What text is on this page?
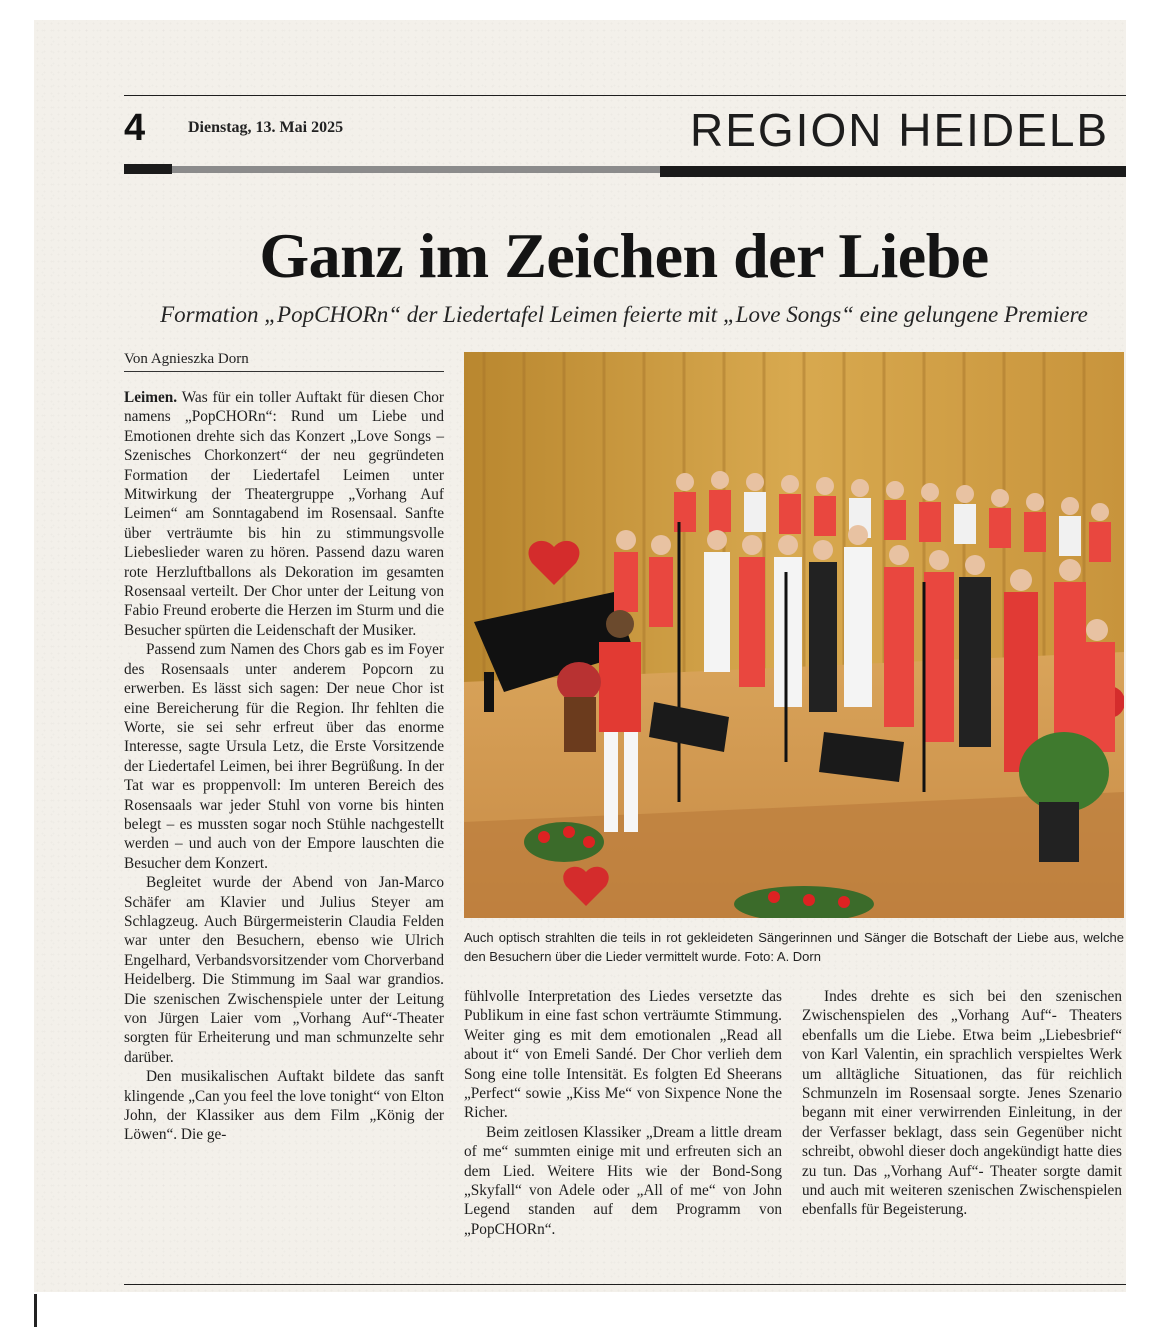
4	Dienstag, 13. Mai 2025	REGION HEIDELB
Ganz im Zeichen der Liebe
Formation „PopCHORn“ der Liedertafel Leimen feierte mit „Love Songs“ eine gelungene Premiere
Von Agnieszka Dorn

Leimen. Was für ein toller Auftakt für diesen Chor namens „PopCHORn“: Rund um Liebe und Emotionen drehte sich das Konzert „Love Songs – Szenisches Chorkonzert“ der neu gegründeten Formation der Liedertafel Leimen unter Mitwirkung der Theatergruppe „Vorhang Auf Leimen“ am Sonntagabend im Rosensaal. Sanfte über verträumte bis hin zu stimmungsvolle Liebeslieder waren zu hören. Passend dazu waren rote Herzluftballons als Dekoration im gesamten Rosensaal verteilt. Der Chor unter der Leitung von Fabio Freund eroberte die Herzen im Sturm und die Besucher spürten die Leidenschaft der Musiker.

Passend zum Namen des Chors gab es im Foyer des Rosensaals unter anderem Popcorn zu erwerben. Es lässt sich sagen: Der neue Chor ist eine Bereicherung für die Region. Ihr fehlten die Worte, sie sei sehr erfreut über das enorme Interesse, sagte Ursula Letz, die Erste Vorsitzende der Liedertafel Leimen, bei ihrer Begrüßung. In der Tat war es proppenvoll: Im unteren Bereich des Rosensaals war jeder Stuhl von vorne bis hinten belegt – es mussten sogar noch Stühle nachgestellt werden – und auch von der Empore lauschten die Besucher dem Konzert.

Begleitet wurde der Abend von Jan-Marco Schäfer am Klavier und Julius Steyer am Schlagzeug. Auch Bürgermeisterin Claudia Felden war unter den Besuchern, ebenso wie Ulrich Engelhard, Verbandsvorsitzender vom Chorverband Heidelberg. Die Stimmung im Saal war grandios. Die szenischen Zwischenspiele unter der Leitung von Jürgen Laier vom „Vorhang Auf“-Theater sorgten für Erheiterung und man schmunzelte sehr darüber.

Den musikalischen Auftakt bildete das sanft klingende „Can you feel the love tonight“ von Elton John, der Klassiker aus dem Film „König der Löwen“. Die ge-

Auch optisch strahlten die teils in rot gekleideten Sängerinnen und Sänger die Botschaft der Liebe aus, welche den Besuchern über die Lieder vermittelt wurde. Foto: A. Dorn

fühlvolle Interpretation des Liedes versetzte das Publikum in eine fast schon verträumte Stimmung. Weiter ging es mit dem emotionalen „Read all about it“ von Emeli Sandé. Der Chor verlieh dem Song eine tolle Intensität. Es folgten Ed Sheerans „Perfect“ sowie „Kiss Me“ von Sixpence None the Richer.

Beim zeitlosen Klassiker „Dream a little dream of me“ summten einige mit und erfreuten sich an dem Lied. Weitere Hits wie der Bond-Song „Skyfall“ von Adele oder „All of me“ von John Legend standen auf dem Programm von „PopCHORn“.

Indes drehte es sich bei den szenischen Zwischenspielen des „Vorhang Auf“- Theaters ebenfalls um die Liebe. Etwa beim „Liebesbrief“ von Karl Valentin, ein sprachlich verspieltes Werk um alltägliche Situationen, das für reichlich Schmunzeln im Rosensaal sorgte. Jenes Szenario begann mit einer verwirrenden Einleitung, in der der Verfasser beklagt, dass sein Gegenüber nicht schreibt, obwohl dieser doch angekündigt hatte dies zu tun. Das „Vorhang Auf“- Theater sorgte damit und auch mit weiteren szenischen Zwischenspielen ebenfalls für Begeisterung.
